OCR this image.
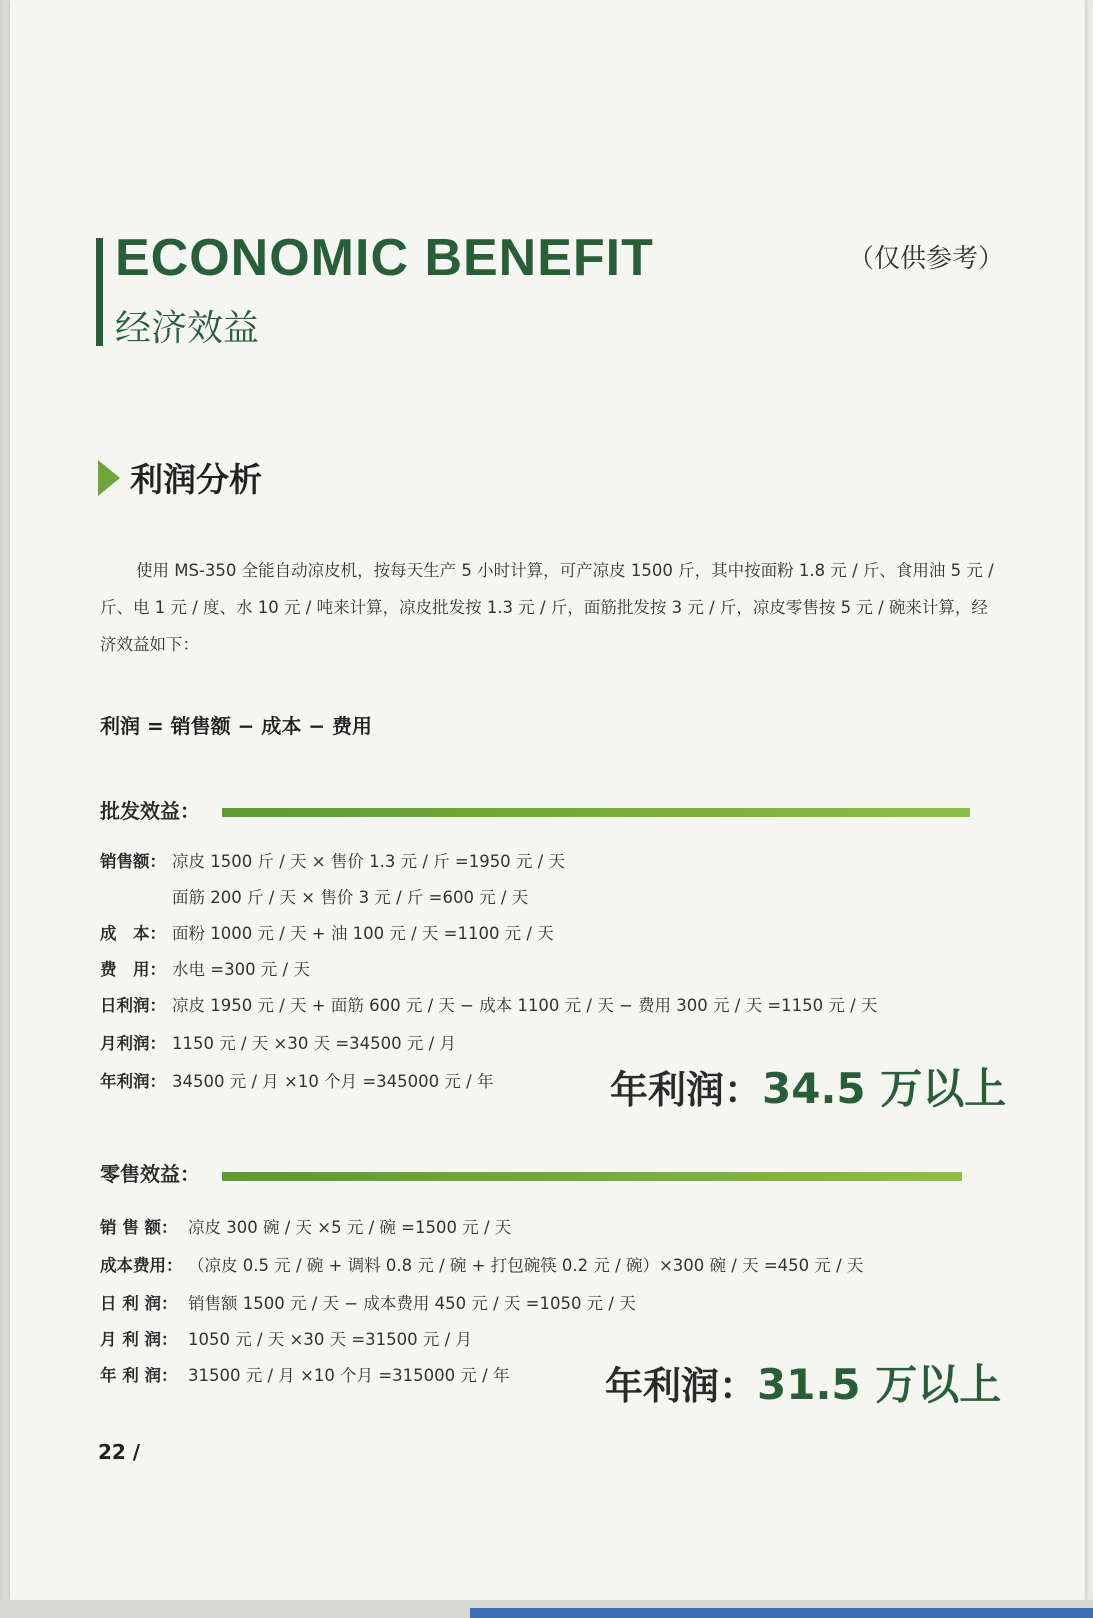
ECONOMIC BENEFIT
经济效益
（仅供参考）
利润分析
使用 MS-350 全能自动凉皮机，按每天生产 5 小时计算，可产凉皮 1500 斤，其中按面粉 1.8 元 / 斤、食用油 5 元 / 斤、电 1 元 / 度、水 10 元 / 吨来计算，凉皮批发按 1.3 元 / 斤，面筋批发按 3 元 / 斤，凉皮零售按 5 元 / 碗来计算，经济效益如下：
利润 = 销售额 − 成本 − 费用
批发效益：
销售额： 凉皮 1500 斤 / 天 × 售价 1.3 元 / 斤 =1950 元 / 天
面筋 200 斤 / 天 × 售价 3 元 / 斤 =600 元 / 天
成　本： 面粉 1000 元 / 天 + 油 100 元 / 天 =1100 元 / 天
费　用： 水电 =300 元 / 天
日利润： 凉皮 1950 元 / 天 + 面筋 600 元 / 天 − 成本 1100 元 / 天 − 费用 300 元 / 天 =1150 元 / 天
月利润： 1150 元 / 天 ×30 天 =34500 元 / 月
年利润： 34500 元 / 月 ×10 个月 =345000 元 / 年	年利润：34.5 万以上
零售效益：
销 售 额： 凉皮 300 碗 / 天 ×5 元 / 碗 =1500 元 / 天
成本费用： （凉皮 0.5 元 / 碗 + 调料 0.8 元 / 碗 + 打包碗筷 0.2 元 / 碗）×300 碗 / 天 =450 元 / 天
日 利 润： 销售额 1500 元 / 天 − 成本费用 450 元 / 天 =1050 元 / 天
月 利 润： 1050 元 / 天 ×30 天 =31500 元 / 月
年 利 润： 31500 元 / 月 ×10 个月 =315000 元 / 年	年利润：31.5 万以上
22 /
